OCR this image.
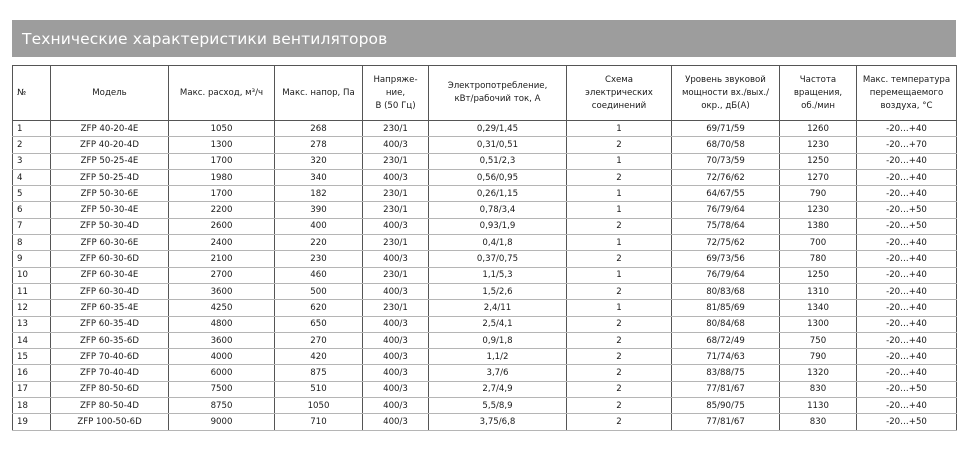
Технические характеристики вентиляторов
№	Модель	Макс. расход, м³/ч	Макс. напор, Па	Напряже-
ние,
В (50 Гц)	Электропотребление,
кВт/рабочий ток, А	Схема
электрических
соединений	Уровень звуковой
мощности вх./вых./
окр., дБ(А)	Частота
вращения,
об./мин	Макс. температура
перемещаемого
воздуха, °С
1	ZFP 40-20-4E	1050	268	230/1	0,29/1,45	1	69/71/59	1260	-20…+40
2	ZFP 40-20-4D	1300	278	400/3	0,31/0,51	2	68/70/58	1230	-20…+70
3	ZFP 50-25-4E	1700	320	230/1	0,51/2,3	1	70/73/59	1250	-20…+40
4	ZFP 50-25-4D	1980	340	400/3	0,56/0,95	2	72/76/62	1270	-20…+40
5	ZFP 50-30-6E	1700	182	230/1	0,26/1,15	1	64/67/55	790	-20…+40
6	ZFP 50-30-4E	2200	390	230/1	0,78/3,4	1	76/79/64	1230	-20…+50
7	ZFP 50-30-4D	2600	400	400/3	0,93/1,9	2	75/78/64	1380	-20…+50
8	ZFP 60-30-6E	2400	220	230/1	0,4/1,8	1	72/75/62	700	-20…+40
9	ZFP 60-30-6D	2100	230	400/3	0,37/0,75	2	69/73/56	780	-20…+40
10	ZFP 60-30-4E	2700	460	230/1	1,1/5,3	1	76/79/64	1250	-20…+40
11	ZFP 60-30-4D	3600	500	400/3	1,5/2,6	2	80/83/68	1310	-20…+40
12	ZFP 60-35-4E	4250	620	230/1	2,4/11	1	81/85/69	1340	-20…+40
13	ZFP 60-35-4D	4800	650	400/3	2,5/4,1	2	80/84/68	1300	-20…+40
14	ZFP 60-35-6D	3600	270	400/3	0,9/1,8	2	68/72/49	750	-20…+40
15	ZFP 70-40-6D	4000	420	400/3	1,1/2	2	71/74/63	790	-20…+40
16	ZFP 70-40-4D	6000	875	400/3	3,7/6	2	83/88/75	1320	-20…+40
17	ZFP 80-50-6D	7500	510	400/3	2,7/4,9	2	77/81/67	830	-20…+50
18	ZFP 80-50-4D	8750	1050	400/3	5,5/8,9	2	85/90/75	1130	-20…+40
19	ZFP 100-50-6D	9000	710	400/3	3,75/6,8	2	77/81/67	830	-20…+50
